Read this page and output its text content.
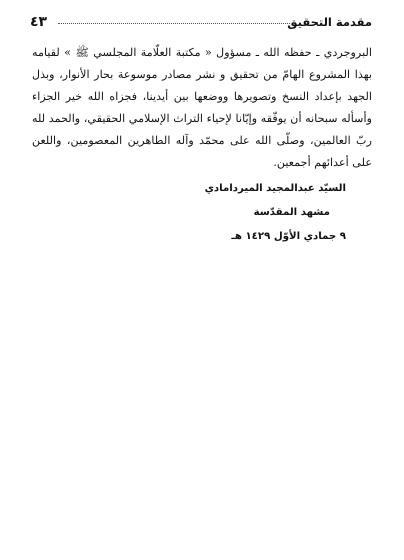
٤٣	مقدمة التحقيق

البروجردي ـ حفظه الله ـ مسؤول « مكتبة العلّامة المجلسي ﷺ » لقيامه بهذا المشروع الهامّ من تحقيق و نشر مصادر موسوعة بحار الأنوار، وبذل الجهد بإعداد النسخ وتصويرها ووضعها بين أيدينا، فجزاه الله خير الجزاء وأسأله سبحانه أن يوفّقه وإيّانا لإحياء التراث الإسلامي الحقيقي، والحمد لله ربّ العالمين، وصلّى الله على محمّد وآله الطاهرين المعصومين، واللعن على أعدائهم أجمعين.

السيّد عبدالمجيد الميردامادي
مشهد المقدّسة
٩ جمادي الأوّل ١٤٢٩ هـ
